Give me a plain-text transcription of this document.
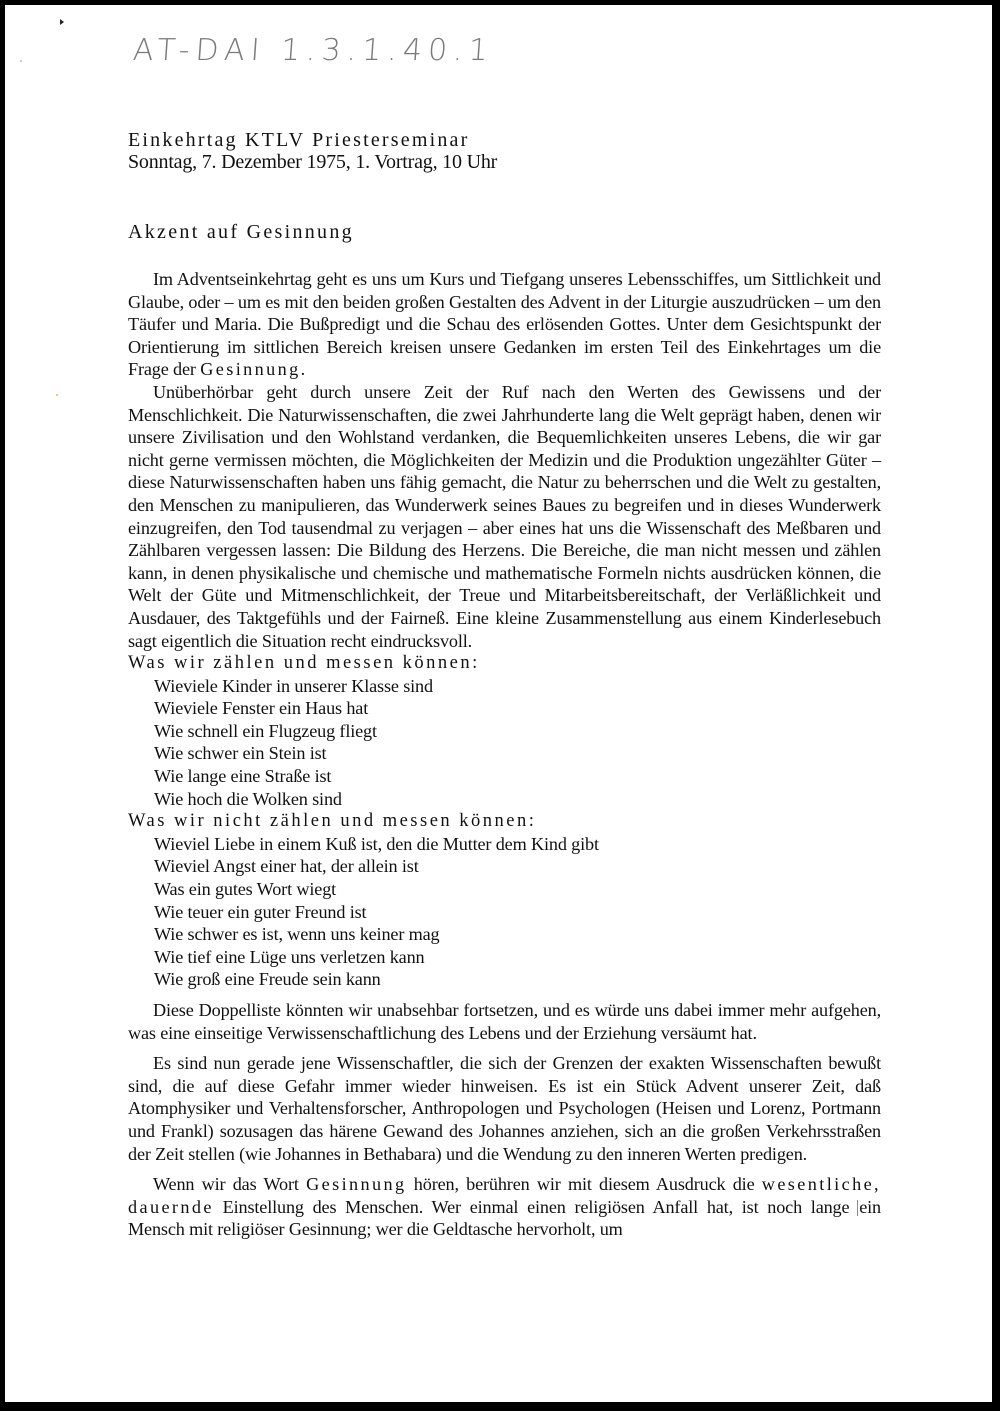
AT-DAI 1.3.1.40.1
Einkehrtag KTLV Priesterseminar
Sonntag, 7. Dezember 1975, 1. Vortrag, 10 Uhr
Akzent auf Gesinnung

Im Adventseinkehrtag geht es uns um Kurs und Tiefgang unseres Lebensschiffes, um Sittlichkeit und Glaube, oder – um es mit den beiden großen Gestalten des Advent in der Liturgie auszudrücken – um den Täufer und Maria. Die Bußpredigt und die Schau des erlösenden Gottes. Unter dem Gesichtspunkt der Orientierung im sittlichen Bereich kreisen unsere Gedanken im ersten Teil des Einkehrtages um die Frage der Gesinnung.

Unüberhörbar geht durch unsere Zeit der Ruf nach den Werten des Gewissens und der Menschlichkeit. Die Naturwissenschaften, die zwei Jahrhunderte lang die Welt geprägt haben, denen wir unsere Zivilisation und den Wohlstand verdanken, die Bequemlichkeiten unseres Lebens, die wir gar nicht gerne vermissen möchten, die Möglichkeiten der Medizin und die Produktion ungezählter Güter – diese Naturwissenschaften haben uns fähig gemacht, die Natur zu beherrschen und die Welt zu gestalten, den Menschen zu manipulieren, das Wunderwerk seines Baues zu begreifen und in dieses Wunderwerk einzugreifen, den Tod tausendmal zu verjagen – aber eines hat uns die Wissenschaft des Meßbaren und Zählbaren vergessen lassen: Die Bildung des Herzens. Die Bereiche, die man nicht messen und zählen kann, in denen physikalische und chemische und mathematische Formeln nichts ausdrücken können, die Welt der Güte und Mitmenschlichkeit, der Treue und Mitarbeitsbereitschaft, der Verläßlichkeit und Ausdauer, des Taktgefühls und der Fairneß. Eine kleine Zusammenstellung aus einem Kinderlesebuch sagt eigentlich die Situation recht eindrucksvoll.

Was wir zählen und messen können:

Wieviele Kinder in unserer Klasse sind
Wieviele Fenster ein Haus hat
Wie schnell ein Flugzeug fliegt
Wie schwer ein Stein ist
Wie lange eine Straße ist
Wie hoch die Wolken sind

Was wir nicht zählen und messen können:

Wieviel Liebe in einem Kuß ist, den die Mutter dem Kind gibt
Wieviel Angst einer hat, der allein ist
Was ein gutes Wort wiegt
Wie teuer ein guter Freund ist
Wie schwer es ist, wenn uns keiner mag
Wie tief eine Lüge uns verletzen kann
Wie groß eine Freude sein kann

Diese Doppelliste könnten wir unabsehbar fortsetzen, und es würde uns dabei immer mehr aufgehen, was eine einseitige Verwissenschaftlichung des Lebens und der Erziehung versäumt hat.

Es sind nun gerade jene Wissenschaftler, die sich der Grenzen der exakten Wissenschaften bewußt sind, die auf diese Gefahr immer wieder hinweisen. Es ist ein Stück Advent unserer Zeit, daß Atomphysiker und Verhaltensforscher, Anthropologen und Psychologen (Heisen und Lorenz, Portmann und Frankl) sozusagen das härene Gewand des Johannes anziehen, sich an die großen Verkehrsstraßen der Zeit stellen (wie Johannes in Bethabara) und die Wendung zu den inneren Werten predigen.

Wenn wir das Wort Gesinnung hören, berühren wir mit diesem Ausdruck die wesentliche, dauernde Einstellung des Menschen. Wer einmal einen religiösen Anfall hat, ist noch lange ein Mensch mit religiöser Gesinnung; wer die Geldtasche hervorholt, um
